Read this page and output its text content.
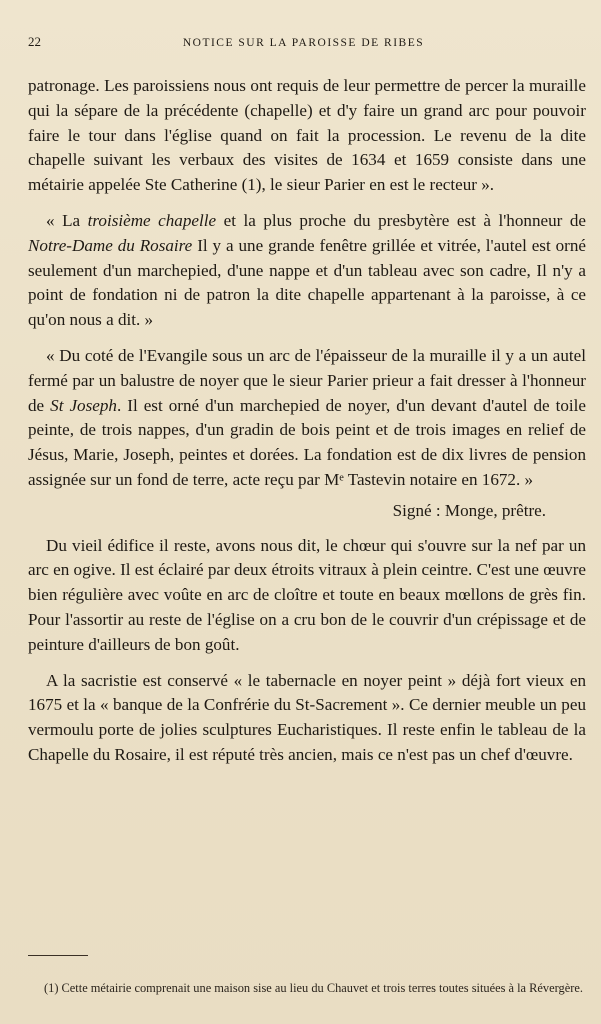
22	NOTICE SUR LA PAROISSE DE RIBES

patronage. Les paroissiens nous ont requis de leur permettre de percer la muraille qui la sépare de la précédente (chapelle) et d'y faire un grand arc pour pouvoir faire le tour dans l'église quand on fait la procession. Le revenu de la dite chapelle suivant les verbaux des visites de 1634 et 1659 consiste dans une métairie appelée Ste Catherine (1), le sieur Parier en est le recteur ».

« La troisième chapelle et la plus proche du presbytère est à l'honneur de Notre-Dame du Rosaire Il y a une grande fenêtre grillée et vitrée, l'autel est orné seulement d'un marchepied, d'une nappe et d'un tableau avec son cadre, Il n'y a point de fondation ni de patron la dite chapelle appartenant à la paroisse, à ce qu'on nous a dit. »

« Du coté de l'Evangile sous un arc de l'épaisseur de la muraille il y a un autel fermé par un balustre de noyer que le sieur Parier prieur a fait dresser à l'honneur de St Joseph. Il est orné d'un marchepied de noyer, d'un devant d'autel de toile peinte, de trois nappes, d'un gradin de bois peint et de trois images en relief de Jésus, Marie, Joseph, peintes et dorées. La fondation est de dix livres de pension assignée sur un fond de terre, acte reçu par Mᵉ Tastevin notaire en 1672. »

Signé : Monge, prêtre.

Du vieil édifice il reste, avons nous dit, le chœur qui s'ouvre sur la nef par un arc en ogive. Il est éclairé par deux étroits vitraux à plein ceintre. C'est une œuvre bien régulière avec voûte en arc de cloître et toute en beaux mœllons de grès fin. Pour l'assortir au reste de l'église on a cru bon de le couvrir d'un crépissage et de peinture d'ailleurs de bon goût.

A la sacristie est conservé « le tabernacle en noyer peint » déjà fort vieux en 1675 et la « banque de la Confrérie du St-Sacrement ». Ce dernier meuble un peu vermoulu porte de jolies sculptures Eucharistiques. Il reste enfin le tableau de la Chapelle du Rosaire, il est réputé très ancien, mais ce n'est pas un chef d'œuvre.

(1) Cette métairie comprenait une maison sise au lieu du Chauvet et trois terres toutes situées à la Révergère.
